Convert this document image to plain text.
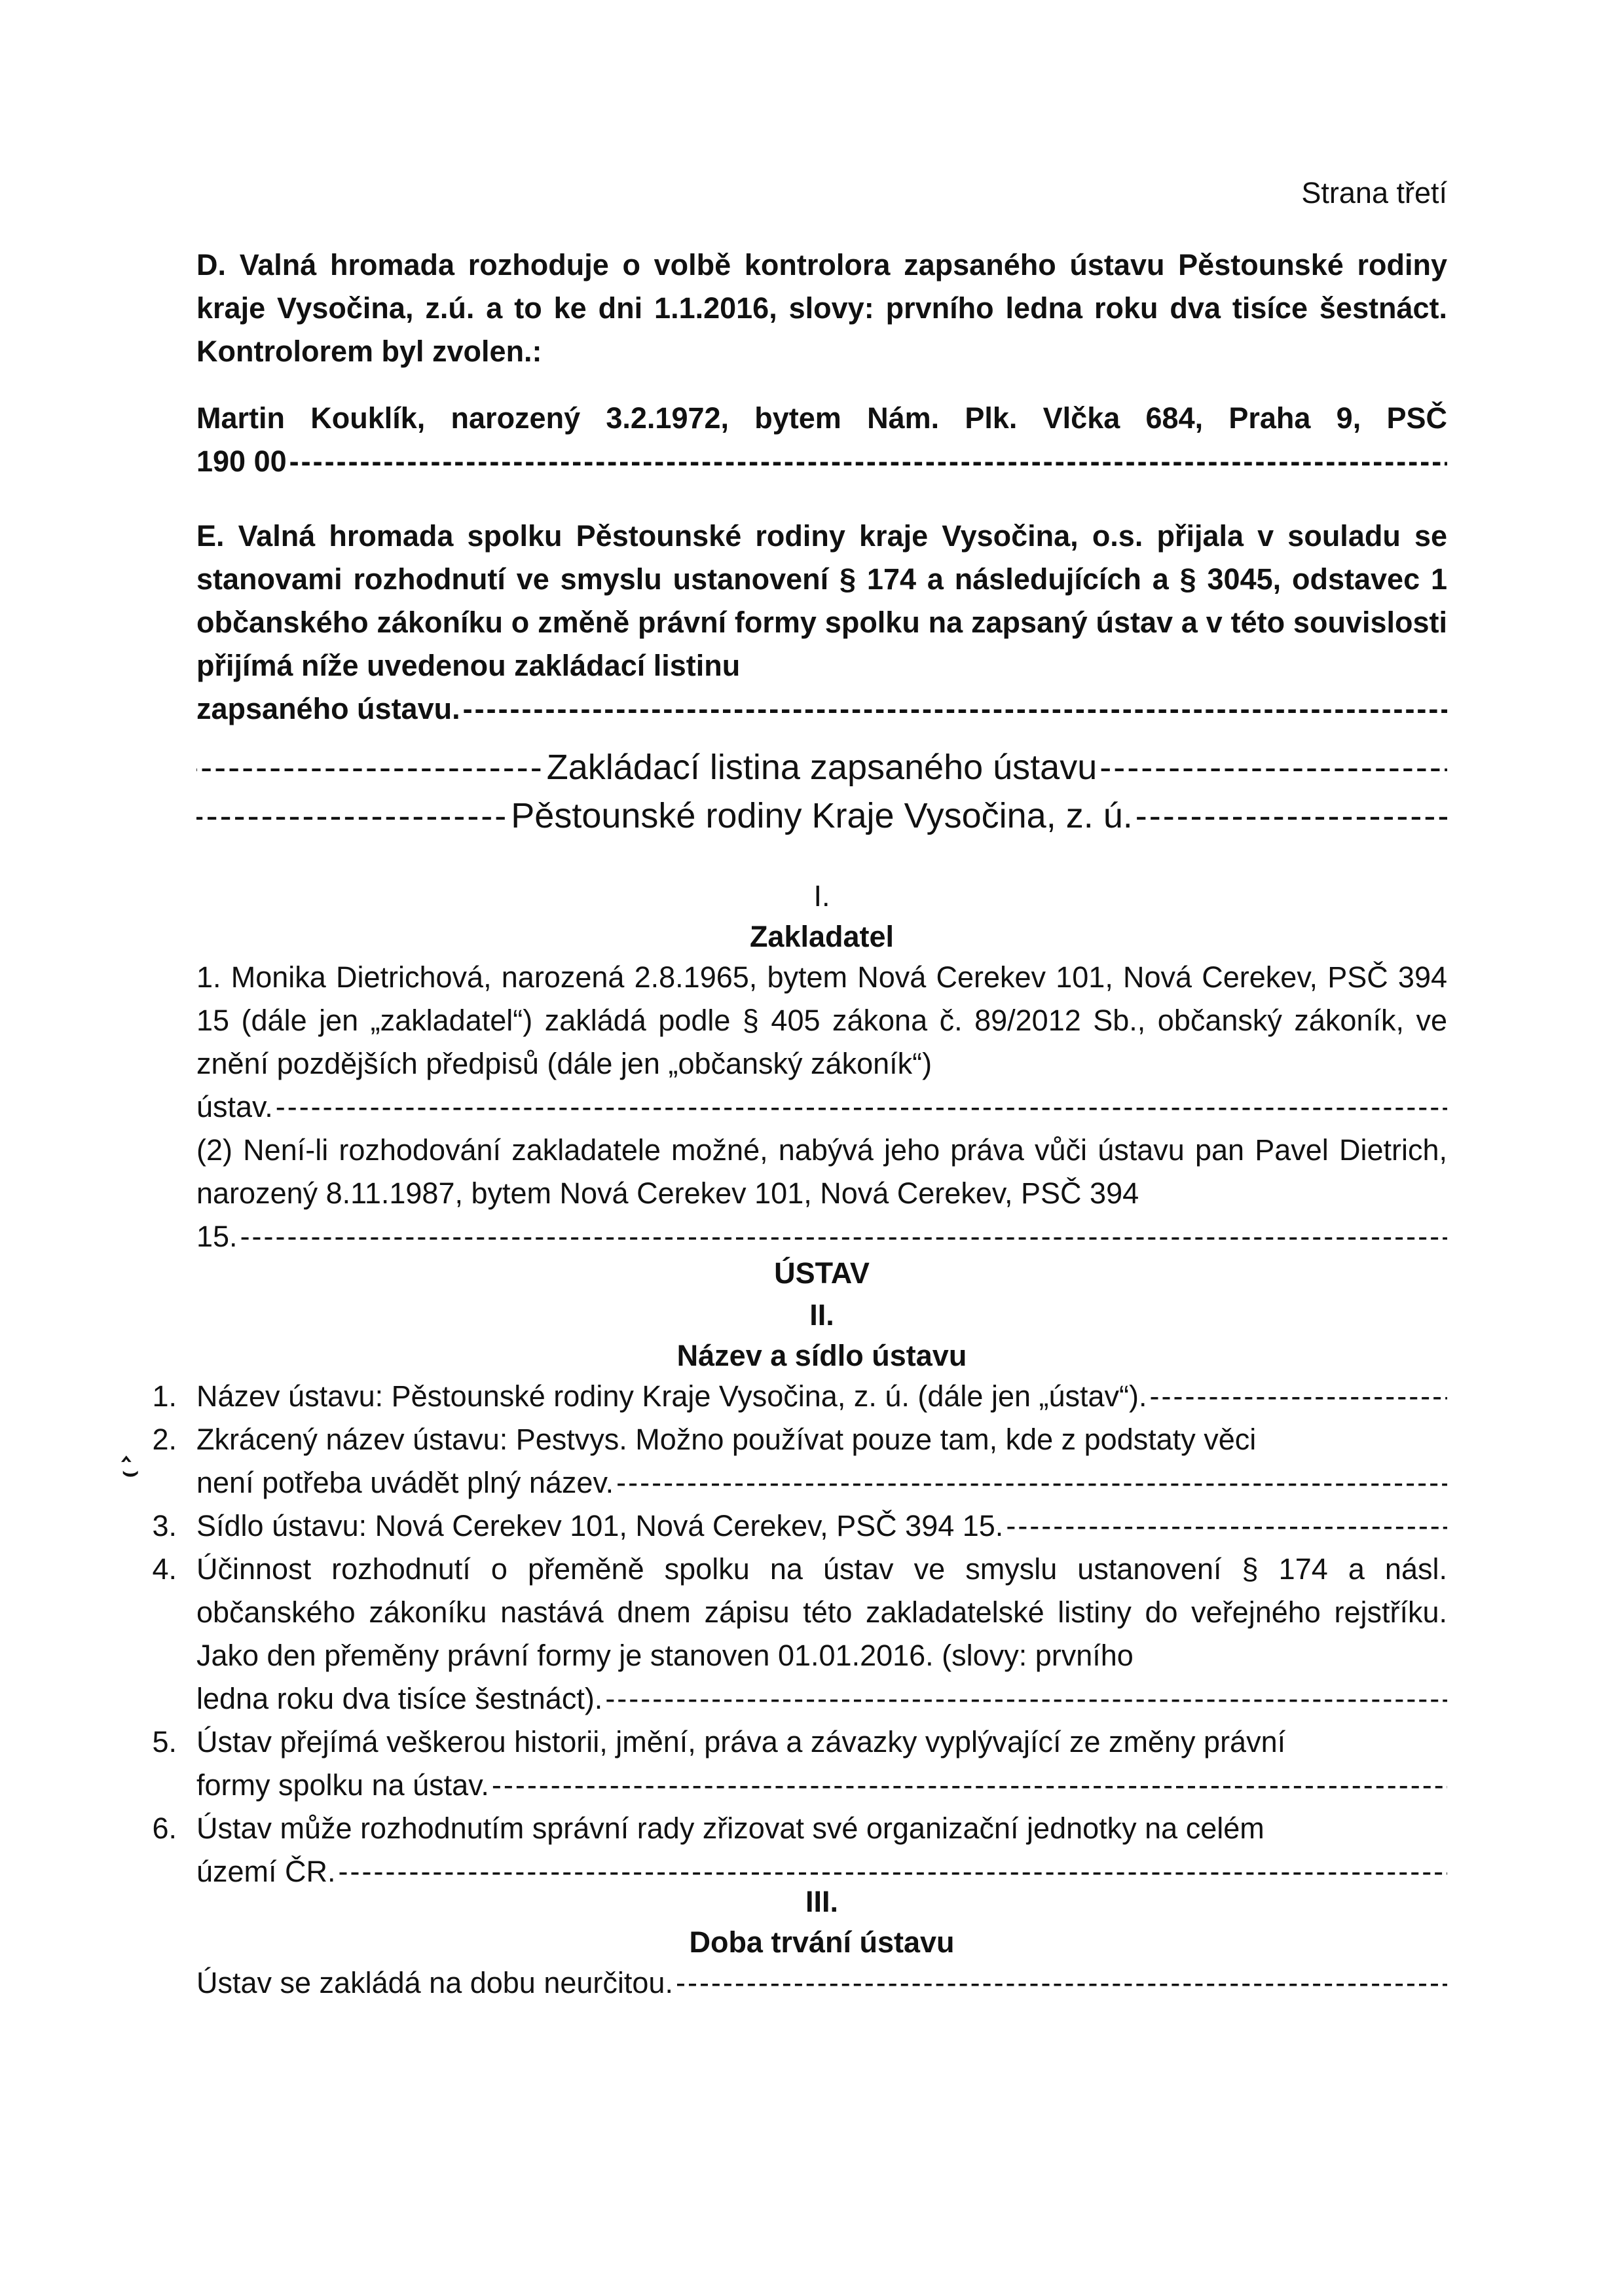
Strana třetí
D. Valná hromada rozhoduje o volbě kontrolora zapsaného ústavu Pěstounské rodiny kraje Vysočina, z.ú. a to ke dni 1.1.2016, slovy: prvního ledna roku dva tisíce šestnáct. Kontrolorem byl zvolen.:
Martin Kouklík, narozený 3.2.1972, bytem Nám. Plk. Vlčka 684, Praha 9, PSČ
190 00
-----
E. Valná hromada spolku Pěstounské rodiny kraje Vysočina, o.s. přijala v souladu se stanovami rozhodnutí ve smyslu ustanovení § 174 a následujících a § 3045, odstavec 1 občanského zákoníku o změně právní formy spolku na zapsaný ústav a v této souvislosti přijímá níže uvedenou zakládací listinu
zapsaného ústavu.
-----
-----
Zakládací listina zapsaného ústavu
-----
-----
Pěstounské rodiny Kraje Vysočina, z. ú.
-----
I.
Zakladatel
1. Monika Dietrichová, narozená 2.8.1965, bytem Nová Cerekev 101, Nová Cerekev, PSČ 394 15 (dále jen „zakladatel“) zakládá podle § 405 zákona č. 89/2012 Sb., občanský zákoník, ve znění pozdějších předpisů (dále jen „občanský zákoník“)
ústav.
-----
(2) Není-li rozhodování zakladatele možné, nabývá jeho práva vůči ústavu pan Pavel Dietrich, narozený 8.11.1987, bytem Nová Cerekev 101, Nová Cerekev, PSČ 394
15.
-----
ÚSTAV
II.
Název a sídlo ústavu
‸
⌣
1. Název ústavu: Pěstounské rodiny Kraje Vysočina, z. ú. (dále jen „ústav“).
-----
2. Zkrácený název ústavu: Pestvys. Možno používat pouze tam, kde z podstaty věci
není potřeba uvádět plný název.
-----
3. Sídlo ústavu: Nová Cerekev 101, Nová Cerekev, PSČ 394 15.
-----
4. Účinnost rozhodnutí o přeměně spolku na ústav ve smyslu ustanovení § 174 a násl. občanského zákoníku nastává dnem zápisu této zakladatelské listiny do veřejného rejstříku. Jako den přeměny právní formy je stanoven 01.01.2016. (slovy: prvního
ledna roku dva tisíce šestnáct).
-----
5. Ústav přejímá veškerou historii, jmění, práva a závazky vyplývající ze změny právní
formy spolku na ústav.
-----
6. Ústav může rozhodnutím správní rady zřizovat své organizační jednotky na celém
území ČR.
-----
III.
Doba trvání ústavu
Ústav se zakládá na dobu neurčitou.
-----
